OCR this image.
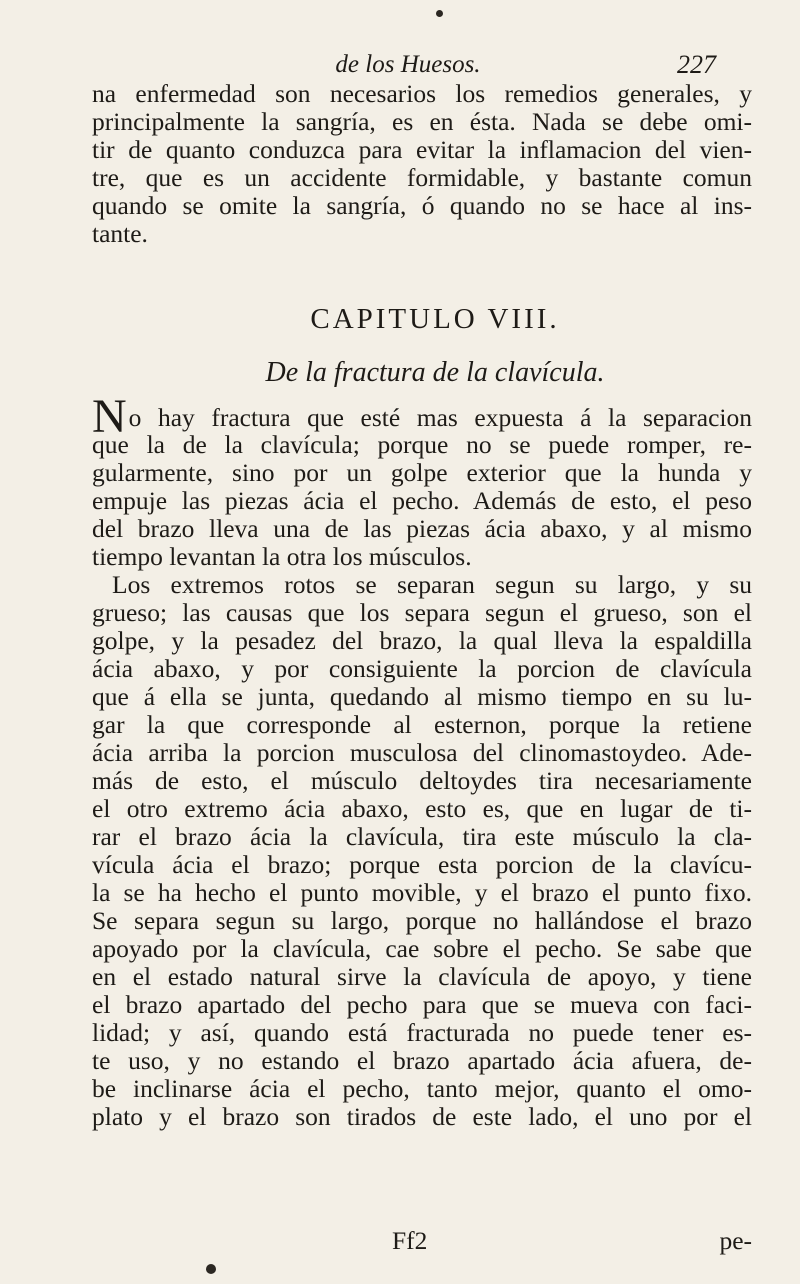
de los Huesos.	227
na enfermedad son necesarios los remedios generales, y
principalmente la sangría, es en ésta. Nada se debe omi-
tir de quanto conduzca para evitar la inflamacion del vien-
tre, que es un accidente formidable, y bastante comun
quando se omite la sangría, ó quando no se hace al ins-
tante.
CAPITULO VIII.
De la fractura de la clavícula.
No hay fractura que esté mas expuesta á la separacion
que la de la clavícula; porque no se puede romper, re-
gularmente, sino por un golpe exterior que la hunda y
empuje las piezas ácia el pecho. Además de esto, el peso
del brazo lleva una de las piezas ácia abaxo, y al mismo
tiempo levantan la otra los músculos.
Los extremos rotos se separan segun su largo, y su
grueso; las causas que los separa segun el grueso, son el
golpe, y la pesadez del brazo, la qual lleva la espaldilla
ácia abaxo, y por consiguiente la porcion de clavícula
que á ella se junta, quedando al mismo tiempo en su lu-
gar la que corresponde al esternon, porque la retiene
ácia arriba la porcion musculosa del clinomastoydeo. Ade-
más de esto, el músculo deltoydes tira necesariamente
el otro extremo ácia abaxo, esto es, que en lugar de ti-
rar el brazo ácia la clavícula, tira este músculo la cla-
vícula ácia el brazo; porque esta porcion de la clavícu-
la se ha hecho el punto movible, y el brazo el punto fixo.
Se separa segun su largo, porque no hallándose el brazo
apoyado por la clavícula, cae sobre el pecho. Se sabe que
en el estado natural sirve la clavícula de apoyo, y tiene
el brazo apartado del pecho para que se mueva con faci-
lidad; y así, quando está fracturada no puede tener es-
te uso, y no estando el brazo apartado ácia afuera, de-
be inclinarse ácia el pecho, tanto mejor, quanto el omo-
plato y el brazo son tirados de este lado, el uno por el
Ff2	pe-
